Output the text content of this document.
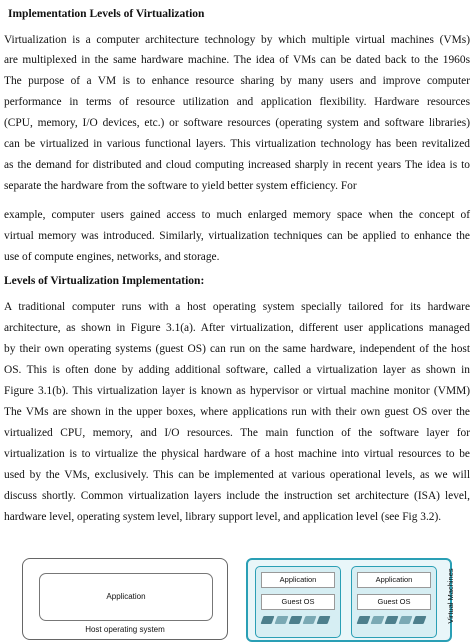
Implementation Levels of Virtualization
Virtualization is a computer architecture technology by which multiple virtual machines (VMs)
are multiplexed in the same hardware machine. The idea of VMs can be dated back to the 1960s
The purpose of a VM is to enhance resource sharing by many users and improve computer
performance in terms of resource utilization and application flexibility. Hardware resources
(CPU, memory, I/O devices, etc.) or software resources (operating system and software libraries)
can be virtualized in various functional layers. This virtualization technology has been revitalized
as the demand for distributed and cloud computing increased sharply in recent years The idea is to
separate the hardware from the software to yield better system efficiency. For
example, computer users gained access to much enlarged memory space when the concept of
virtual memory was introduced. Similarly, virtualization techniques can be applied to enhance the
use of compute engines, networks, and storage.
Levels of Virtualization Implementation:
A traditional computer runs with a host operating system specially tailored for its hardware
architecture, as shown in Figure 3.1(a). After virtualization, different user applications managed
by their own operating systems (guest OS) can run on the same hardware, independent of the host
OS. This is often done by adding additional software, called a virtualization layer as shown in
Figure 3.1(b). This virtualization layer is known as hypervisor or virtual machine monitor (VMM)
The VMs are shown in the upper boxes, where applications run with their own guest OS over the
virtualized CPU, memory, and I/O resources. The main function of the software layer for
virtualization is to virtualize the physical hardware of a host machine into virtual resources to be
used by the VMs, exclusively. This can be implemented at various operational levels, as we will
discuss shortly. Common virtualization layers include the instruction set architecture (ISA) level,
hardware level, operating system level, library support level, and application level (see Fig 3.2).
Application
Host operating system
Application
Guest OS
Application
Guest OS	Virtual Machines
